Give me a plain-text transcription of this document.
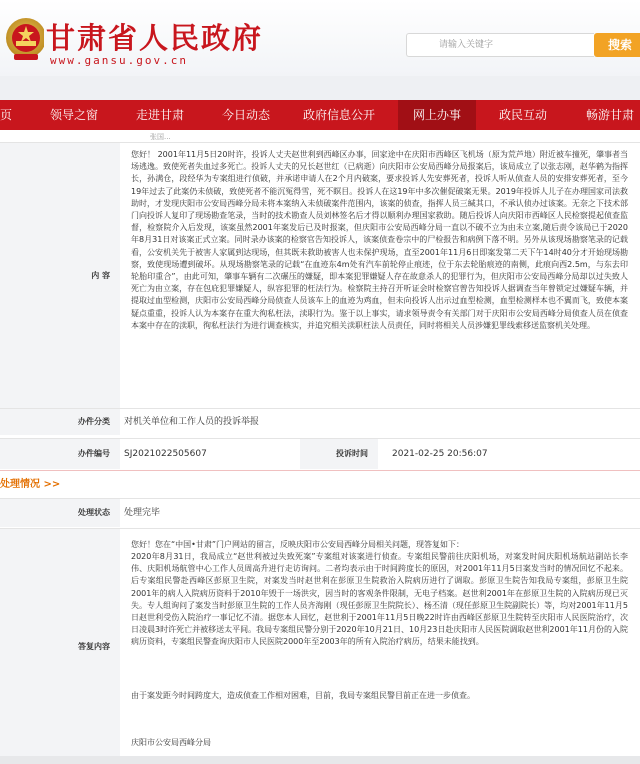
甘肃省人民政府
www.gansu.gov.cn
请输入关键字	搜索
页	领导之窗	走进甘肃	今日动态	政府信息公开	网上办事	政民互动	畅游甘肃
张国...
内 容

您好！ 2001年11月5日20时许，投诉人丈夫赵世利到西峰区办事，回家途中在庆阳市西峰区飞机场（原为荒芦地）附近被车撞死，肇事者当场逃逸。致使死者失血过多死亡。投诉人丈夫的兄长赵世红（已病逝）向庆阳市公安局西峰分局报案后，该局成立了以张志刚，赵华鹤为指挥长，孙满仓，段经华为专案组进行侦破，并承诺申请人在2个月内破案，要求投诉人先安葬死者，投诉人听从侦查人员的安排安葬死者，至今19年过去了此案仍未侦破，致使死者不能沉冤得雪，死不瞑目。投诉人在这19年中多次催促破案无果。2019年投诉人儿子在办理国家司法救助时，才发现庆阳市公安局西峰分局未将本案纳入未侦破案件范围内，该案的侦查，指挥人员三缄其口，不承认侦办过该案。无奈之下技术部门向投诉人复印了现场勘查笔录，当时的技术勘查人员刘林签名后才得以顺利办理国家救助。随后投诉人向庆阳市西峰区人民检察提起侦查监督，检察院介入后发现，该案虽然2001年案发后已及时报案，但庆阳市公安局西峰分局一直以不破不立为由未立案,随后责令该局已于2020年8月31日对该案正式立案。同时录办该案的检察官告知投诉人，该案侦查卷宗中的尸检报告和病例下落不明。另外从该现场勘察笔录的记载看，公安机关先于被害人家属到达现场，但其既未救助被害人也未保护现场，直至2001年11月6日即案发第二天下午14时40分才开始现场勘察，致使现场遭到破坏。从现场勘察笔录的记载“在血迹东4m处有汽车前轮停止痕迹，位于东去轮胎痕迹的南侧，此痕向西2.5m，与东去印轮胎印重合”，由此可知，肇事车辆有二次碾压的嫌疑，即本案犯罪嫌疑人存在故意杀人的犯罪行为，但庆阳市公安局西峰分局却以过失致人死亡为由立案，存在包庇犯罪嫌疑人，纵容犯罪的枉法行为。检察院主持召开听证会时检察官曾告知投诉人据调查当年曾锁定过嫌疑车辆，并提取过血型检测，庆阳市公安局西峰分局侦查人员该车上的血迹为鸡血，但未向投诉人出示过血型检测，血型检测样本也不翼而飞，致使本案疑点重重，投诉人认为本案存在重大徇私枉法，渎职行为。鉴于以上事实，请求领导责令有关部门对于庆阳市公安局西峰分局侦查人员在侦查本案中存在的渎职，徇私枉法行为进行调查核实，并追究相关渎职枉法人员责任，同时将相关人员涉嫌犯罪线索移送监察机关处理。

办件分类	对机关单位和工作人员的投诉举报
办件编号	SJ2021022505607	投诉时间	2021-02-25 20:56:07
处理情况 >>
处理状态	处理完毕
答复内容

您好！您在“中国•甘肃”门户网站的留言，反映庆阳市公安局西峰分局相关问题，现答复如下：

2020年8月31日，我局成立“赵世利被过失致死案”专案组对该案进行侦查。专案组民警前往庆阳机场，对案发时间庆阳机场航站副站长李伟、庆阳机场航管中心工作人员周高升进行走访询问。二者均表示由于时间跨度长的原因，对2001年11月5日案发当时的情况回忆不起来。后专案组民警赴西峰区彭原卫生院，对案发当时赵世利在彭原卫生院救治入院病历进行了调取。彭原卫生院告知我局专案组，彭原卫生院2001年的病人入院病历资料于2010年毁于一场洪灾，因当时的客观条件限制，无电子档案。赵世利2001年在彭原卫生院的入院病历现已灭失。专人组询问了案发当时彭原卫生院的工作人员齐海刚（现任彭原卫生院院长）、杨丕清（现任彭原卫生院副院长）等，均对2001年11月5日赵世利受伤入院治疗一事记忆不清。据您本人回忆，赵世利于2001年11月5日晚22时许由西峰区彭原卫生院转至庆阳市人民医院治疗，次日凌晨3时许死亡并被移送太平间。我局专案组民警分别于2020年10月21日、10月23日赴庆阳市人民医院调取赵世利2001年11月份的入院病历资料，专案组民警查询庆阳市人民医院2000年至2003年的所有入院治疗病历，结果未能找到。

由于案发距今时间跨度大，造成侦查工作相对困难，目前，我局专案组民警目前正在进一步侦查。

庆阳市公安局西峰分局
